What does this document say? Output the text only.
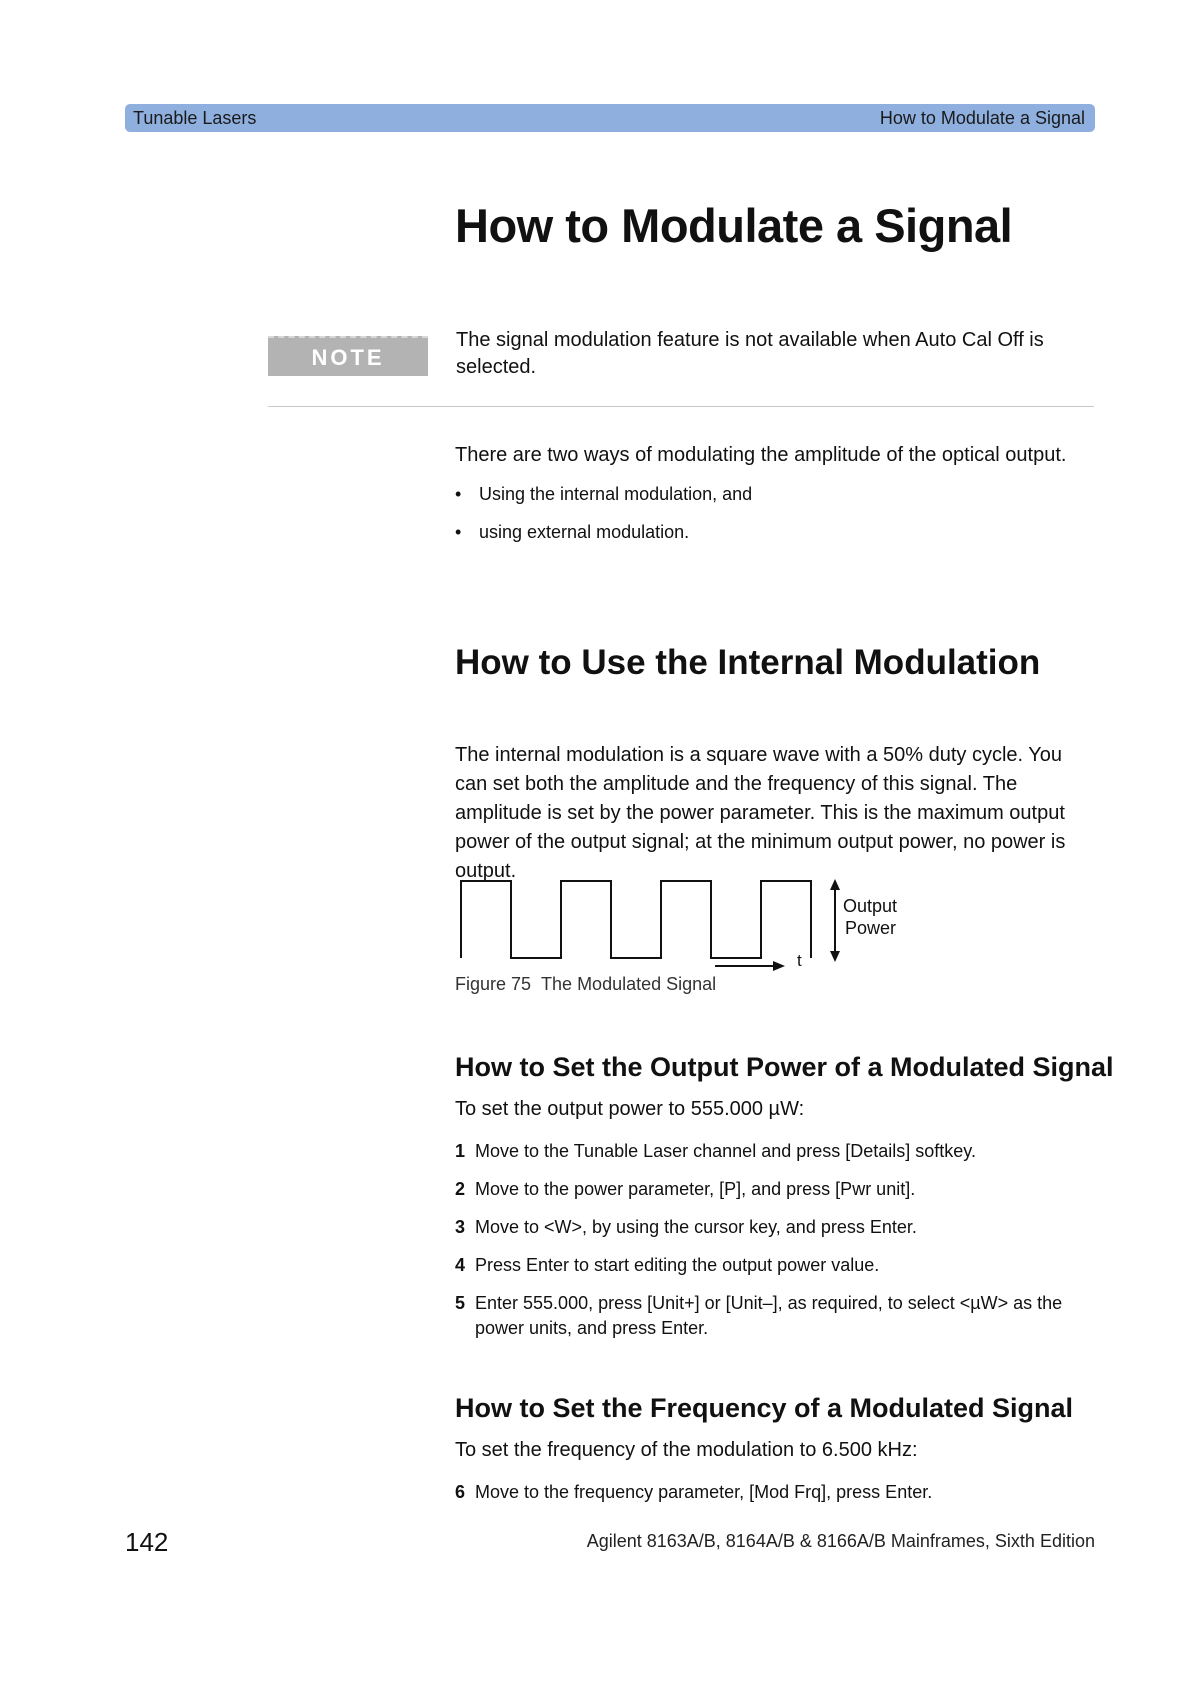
Tunable Lasers	How to Modulate a Signal
How to Modulate a Signal
NOTE

The signal modulation feature is not available when Auto Cal Off is selected.

There are two ways of modulating the amplitude of the optical output.

• Using the internal modulation, and
• using external modulation.
How to Use the Internal Modulation

The internal modulation is a square wave with a 50% duty cycle. You can set both the amplitude and the frequency of this signal. The amplitude is set by the power parameter. This is the maximum output power of the output signal; at the minimum output power, no power is output.

Output
Power
t
Figure 75 The Modulated Signal
How to Set the Output Power of a Modulated Signal

To set the output power to 555.000 µW:

1 Move to the Tunable Laser channel and press [Details] softkey.
2 Move to the power parameter, [P], and press [Pwr unit].
3 Move to <W>, by using the cursor key, and press Enter.
4 Press Enter to start editing the output power value.
5 Enter 555.000, press [Unit+] or [Unit–], as required, to select <µW> as the power units, and press Enter.
How to Set the Frequency of a Modulated Signal

To set the frequency of the modulation to 6.500 kHz:

6 Move to the frequency parameter, [Mod Frq], press Enter.
142	Agilent 8163A/B, 8164A/B & 8166A/B Mainframes, Sixth Edition
